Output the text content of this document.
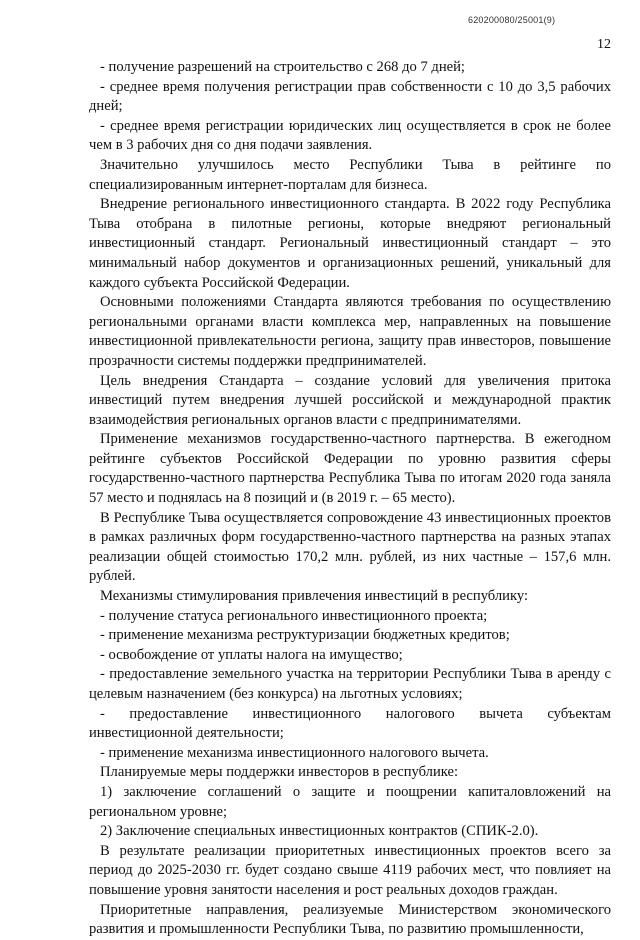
620200080/25001(9)
12

- получение разрешений на строительство с 268 до 7 дней;

- среднее время получения регистрации прав собственности с 10 до 3,5 рабочих дней;

- среднее время регистрации юридических лиц осуществляется в срок не более чем в 3 рабочих дня со дня подачи заявления.

Значительно улучшилось место Республики Тыва в рейтинге по специализированным интернет-порталам для бизнеса.

Внедрение регионального инвестиционного стандарта. В 2022 году Республика Тыва отобрана в пилотные регионы, которые внедряют региональный инвестиционный стандарт. Региональный инвестиционный стандарт – это минимальный набор документов и организационных решений, уникальный для каждого субъекта Российской Федерации.

Основными положениями Стандарта являются требования по осуществлению региональными органами власти комплекса мер, направленных на повышение инвестиционной привлекательности региона, защиту прав инвесторов, повышение прозрачности системы поддержки предпринимателей.

Цель внедрения Стандарта – создание условий для увеличения притока инвестиций путем внедрения лучшей российской и международной практик взаимодействия региональных органов власти с предпринимателями.

Применение механизмов государственно-частного партнерства. В ежегодном рейтинге субъектов Российской Федерации по уровню развития сферы государственно-частного партнерства Республика Тыва по итогам 2020 года заняла 57 место и поднялась на 8 позиций и (в 2019 г. – 65 место).

В Республике Тыва осуществляется сопровождение 43 инвестиционных проектов в рамках различных форм государственно-частного партнерства на разных этапах реализации общей стоимостью 170,2 млн. рублей, из них частные – 157,6 млн. рублей.

Механизмы стимулирования привлечения инвестиций в республику:

- получение статуса регионального инвестиционного проекта;

- применение механизма реструктуризации бюджетных кредитов;

- освобождение от уплаты налога на имущество;

- предоставление земельного участка на территории Республики Тыва в аренду с целевым назначением (без конкурса) на льготных условиях;

- предоставление инвестиционного налогового вычета субъектам инвестиционной деятельности;

- применение механизма инвестиционного налогового вычета.

Планируемые меры поддержки инвесторов в республике:

1) заключение соглашений о защите и поощрении капиталовложений на региональном уровне;

2) Заключение специальных инвестиционных контрактов (СПИК-2.0).

В результате реализации приоритетных инвестиционных проектов всего за период до 2025-2030 гг. будет создано свыше 4119 рабочих мест, что повлияет на повышение уровня занятости населения и рост реальных доходов граждан.

Приоритетные направления, реализуемые Министерством экономического развития и промышленности Республики Тыва, по развитию промышленности,
